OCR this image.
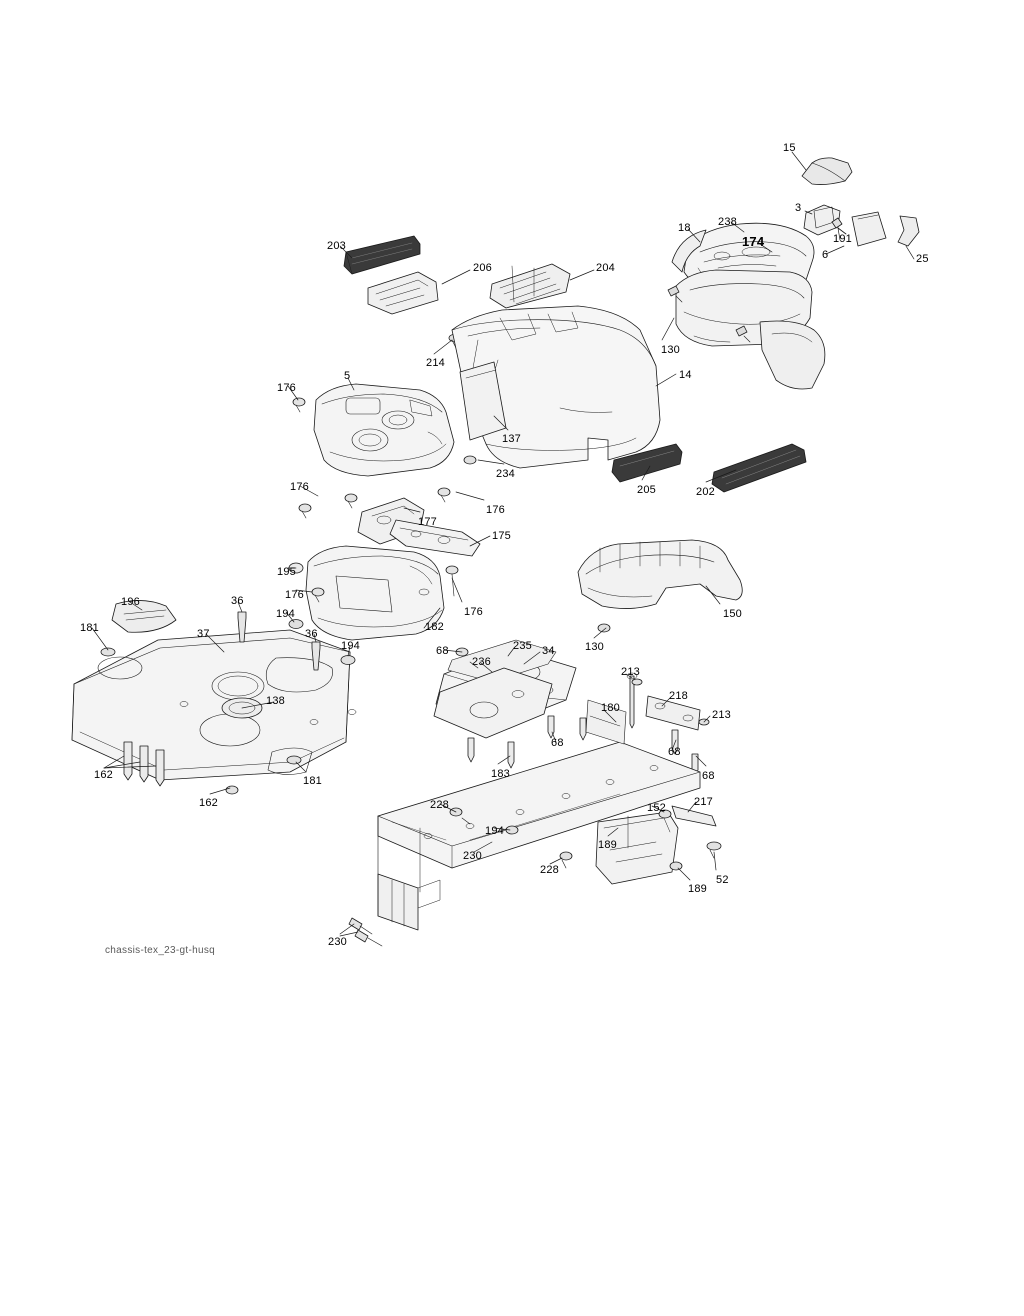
15
3
238
18
174	191
6	25
203
206	204
130
214
14
5
176
137
234
176
176
177
175
205	202
195
176
176	150
130
196
181
36
194
182
37	36
194	68	235 34
236
213
218
213
180
138
68
68
183	68
162	181
162	228	152	217
194
189
230
228
189
52
230
chassis-tex_23-gt-husq
